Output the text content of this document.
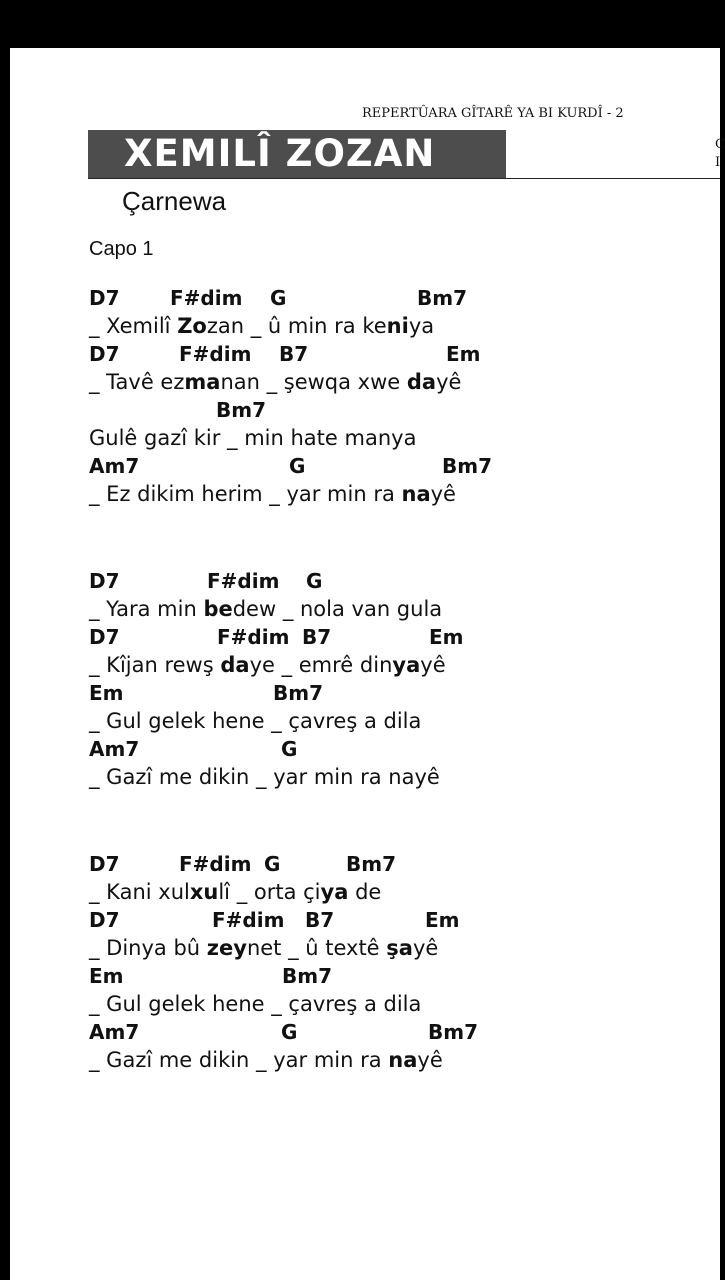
REPERTÛARA GÎTARÊ YA BI KURDÎ - 2
XEMILÎ ZOZAN	C
I
Çarnewa
Capo 1
D7	F#dim G	Bm7
_ Xemilî Zozan _ û min ra keniya
D7	F#dim B7	Em
_ Tavê ezmanan _ şewqa xwe dayê
Bm7
Gulê gazî kir _ min hate manya
Am7	G	Bm7
_ Ez dikim herim _ yar min ra nayê
D7	F#dim G
_ Yara min bedew _ nola van gula
D7	F#dim B7	Em
_ Kîjan rewş daye _ emrê dinyayê
Em	Bm7
_ Gul gelek hene _ çavreş a dila
Am7	G
_ Gazî me dikin _ yar min ra nayê
D7	F#dim G	Bm7
_ Kani xulxulî _ orta çiya de
D7	F#dim B7	Em
_ Dinya bû zeynet _ û textê şayê
Em	Bm7
_ Gul gelek hene _ çavreş a dila
Am7	G	Bm7
_ Gazî me dikin _ yar min ra nayê
